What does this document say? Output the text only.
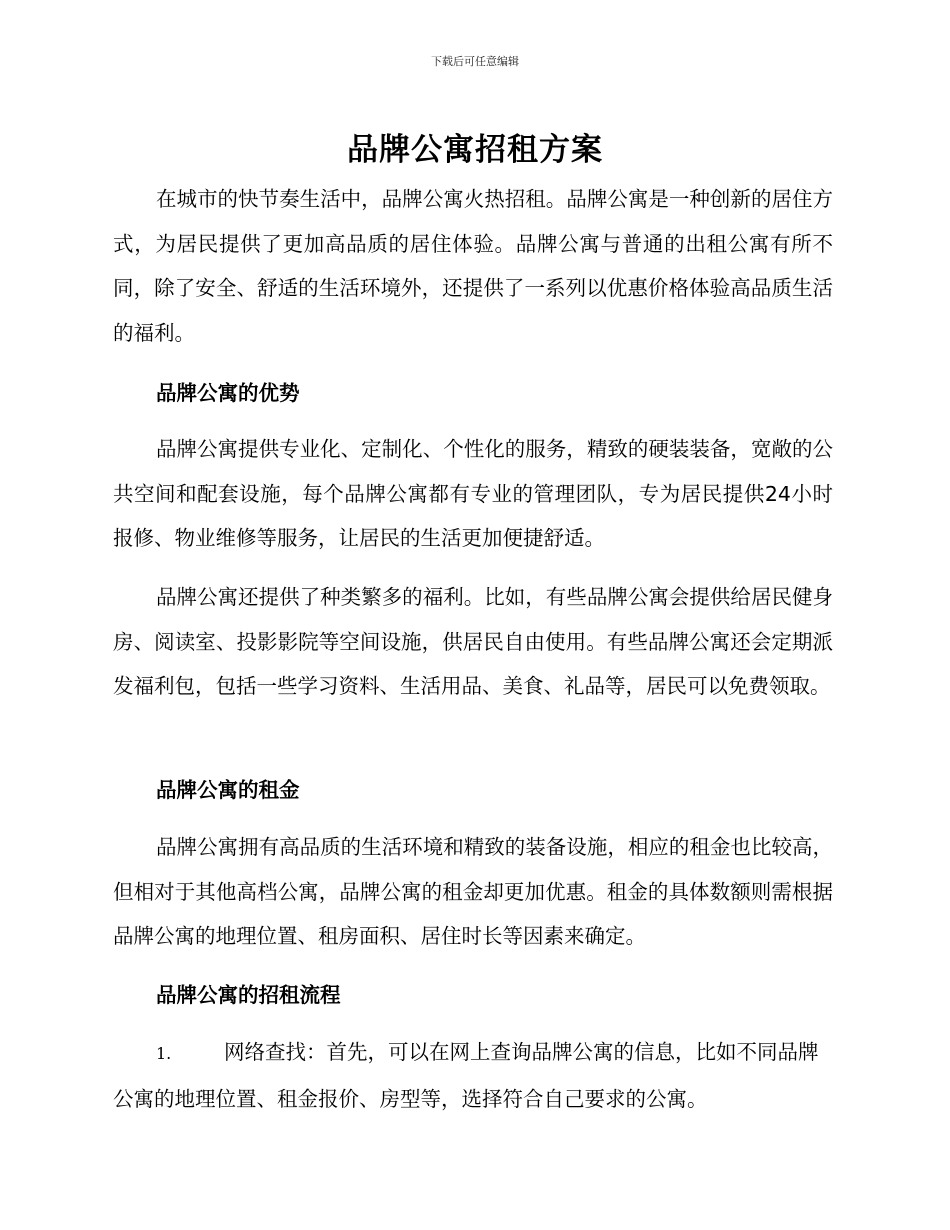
下载后可任意编辑
品牌公寓招租方案

在城市的快节奏生活中，品牌公寓火热招租。品牌公寓是一种创新的居住方式，为居民提供了更加高品质的居住体验。品牌公寓与普通的出租公寓有所不同，除了安全、舒适的生活环境外，还提供了一系列以优惠价格体验高品质生活的福利。

品牌公寓的优势

品牌公寓提供专业化、定制化、个性化的服务，精致的硬装装备，宽敞的公共空间和配套设施，每个品牌公寓都有专业的管理团队，专为居民提供24小时报修、物业维修等服务，让居民的生活更加便捷舒适。

品牌公寓还提供了种类繁多的福利。比如，有些品牌公寓会提供给居民健身房、阅读室、投影影院等空间设施，供居民自由使用。有些品牌公寓还会定期派发福利包，包括一些学习资料、生活用品、美食、礼品等，居民可以免费领取。

品牌公寓的租金

品牌公寓拥有高品质的生活环境和精致的装备设施，相应的租金也比较高，但相对于其他高档公寓，品牌公寓的租金却更加优惠。租金的具体数额则需根据品牌公寓的地理位置、租房面积、居住时长等因素来确定。

品牌公寓的招租流程

1.	网络查找：首先，可以在网上查询品牌公寓的信息，比如不同品牌公寓的地理位置、租金报价、房型等，选择符合自己要求的公寓。
